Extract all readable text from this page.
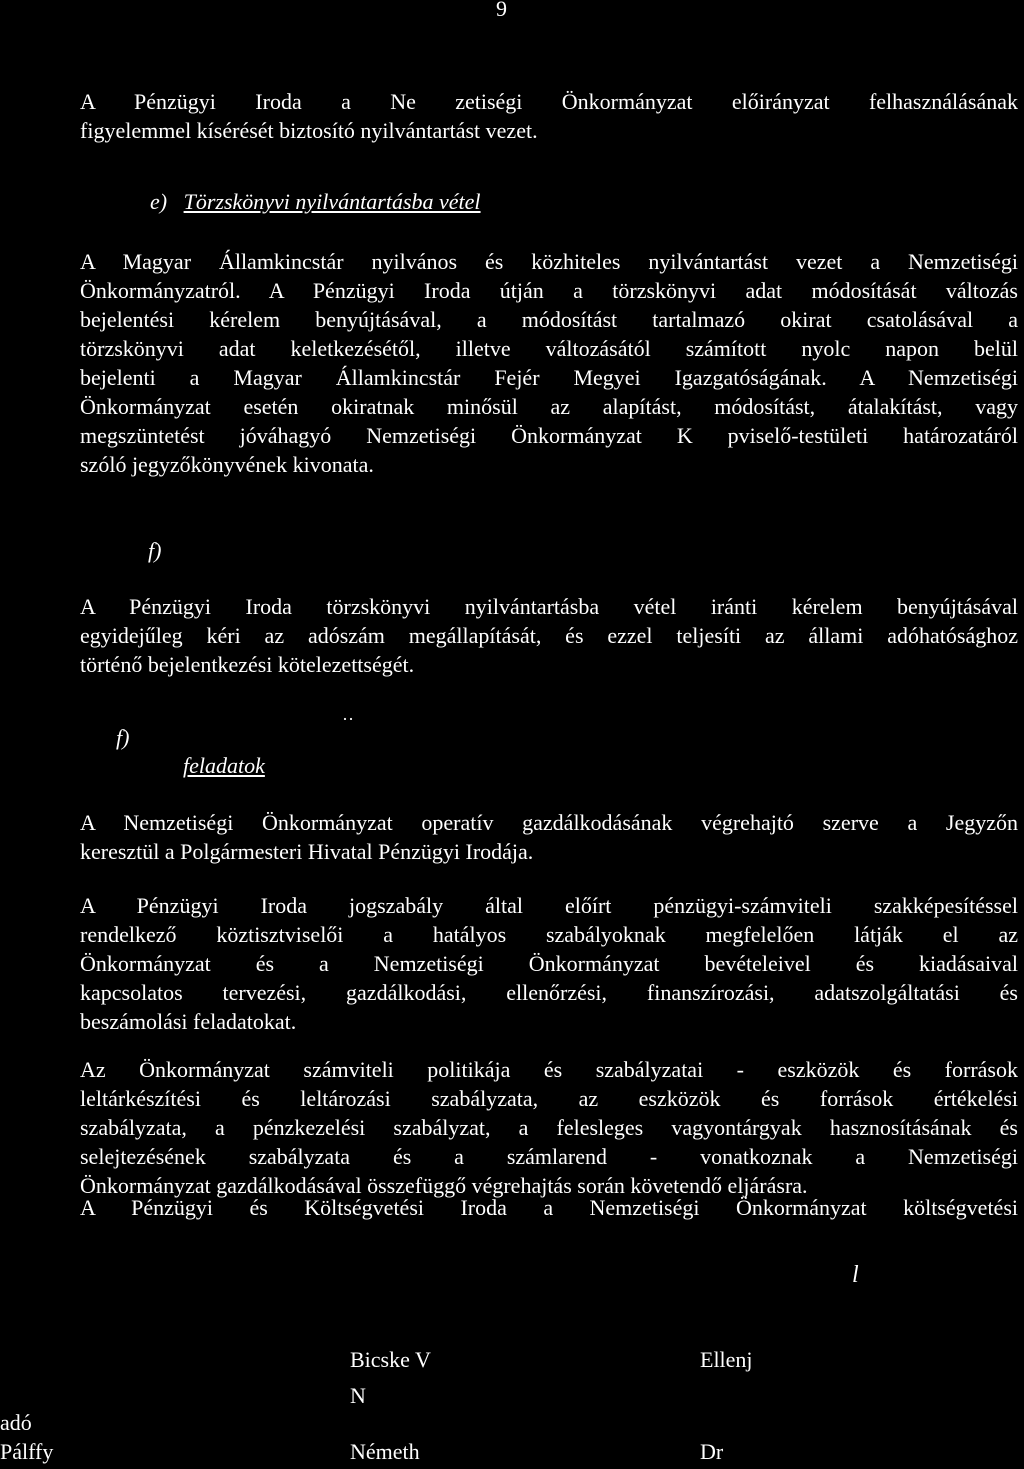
9
A Pénzügyi Iroda a Ne zetiségi Önkormányzat előirányzat felhasználásának
figyelemmel kísérését biztosító nyilvántartást vezet.
e) Törzskönyvi nyilvántartásba vétel
A Magyar Államkincstár nyilvános és közhiteles nyilvántartást vezet a Nemzetiségi
Önkormányzatról. A Pénzügyi Iroda útján a törzskönyvi adat módosítását változás
bejelentési kérelem benyújtásával, a módosítást tartalmazó okirat csatolásával a
törzskönyvi adat keletkezésétől, illetve változásától számított nyolc napon belül
bejelenti a Magyar Államkincstár Fejér Megyei Igazgatóságának. A Nemzetiségi
Önkormányzat esetén okiratnak minősül az alapítást, módosítást, átalakítást, vagy
megszüntetést jóváhagyó Nemzetiségi Önkormányzat K pviselő-testületi határozatáról
szóló jegyzőkönyvének kivonata.
f)
A Pénzügyi Iroda törzskönyvi nyilvántartásba vétel iránti kérelem benyújtásával
egyidejűleg kéri az adószám megállapítását, és ezzel teljesíti az állami adóhatósághoz
történő bejelentkezési kötelezettségét.
··
f)
feladatok
A Nemzetiségi Önkormányzat operatív gazdálkodásának végrehajtó szerve a Jegyzőn
keresztül a Polgármesteri Hivatal Pénzügyi Irodája.
A Pénzügyi Iroda jogszabály által előírt pénzügyi-számviteli szakképesítéssel
rendelkező köztisztviselői a hatályos szabályoknak megfelelően látják el az
Önkormányzat és a Nemzetiségi Önkormányzat bevételeivel és kiadásaival
kapcsolatos tervezési, gazdálkodási, ellenőrzési, finanszírozási, adatszolgáltatási és
beszámolási feladatokat.
Az Önkormányzat számviteli politikája és szabályzatai - eszközök és források
leltárkészítési és leltározási szabályzata, az eszközök és források értékelési
szabályzata, a pénzkezelési szabályzat, a felesleges vagyontárgyak hasznosításának és
selejtezésének szabályzata és a számlarend - vonatkoznak a Nemzetiségi
Önkormányzat gazdálkodásával összefüggő végrehajtás során követendő eljárásra.
A Pénzügyi és Költségvetési Iroda a Nemzetiségi Önkormányzat költségvetési
l
Bicske V
N
Ellenj
adó
Pálffy	Németh	Dr
